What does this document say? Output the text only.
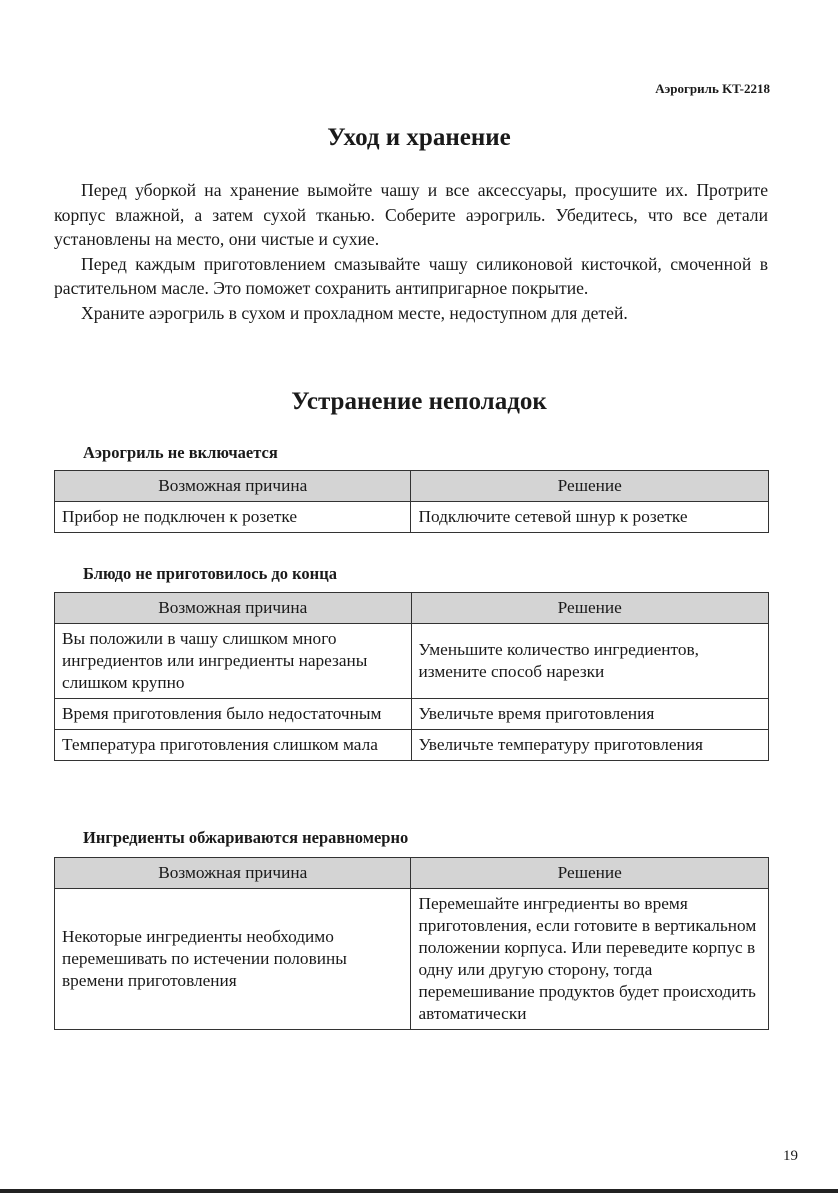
Аэрогриль KT-2218
Уход и хранение

Перед уборкой на хранение вымойте чашу и все аксессуары, просушите их. Протрите корпус влажной, а затем сухой тканью. Соберите аэрогриль. Убедитесь, что все детали установлены на место, они чистые и сухие.

Перед каждым приготовлением смазывайте чашу силиконовой кисточкой, смоченной в растительном масле. Это поможет сохранить антипригарное покрытие.

Храните аэрогриль в сухом и прохладном месте, недоступном для детей.

Устранение неполадок
Аэрогриль не включается
Возможная причина	Решение
Прибор не подключен к розетке	Подключите сетевой шнур к розетке
Блюдо не приготовилось до конца
Возможная причина	Решение
Вы положили в чашу слишком много ингредиентов или ингредиенты нарезаны слишком крупно	Уменьшите количество ингредиентов, измените способ нарезки
Время приготовления было недостаточным	Увеличьте время приготовления
Температура приготовления слишком мала	Увеличьте температуру приготовления
Ингредиенты обжариваются неравномерно
Возможная причина	Решение
Некоторые ингредиенты необходимо перемешивать по истечении половины времени приготовления	Перемешайте ингредиенты во время приготовления, если готовите в вертикальном положении корпуса. Или переведите корпус в одну или другую сторону, тогда перемешивание продуктов будет происходить автоматически
19
